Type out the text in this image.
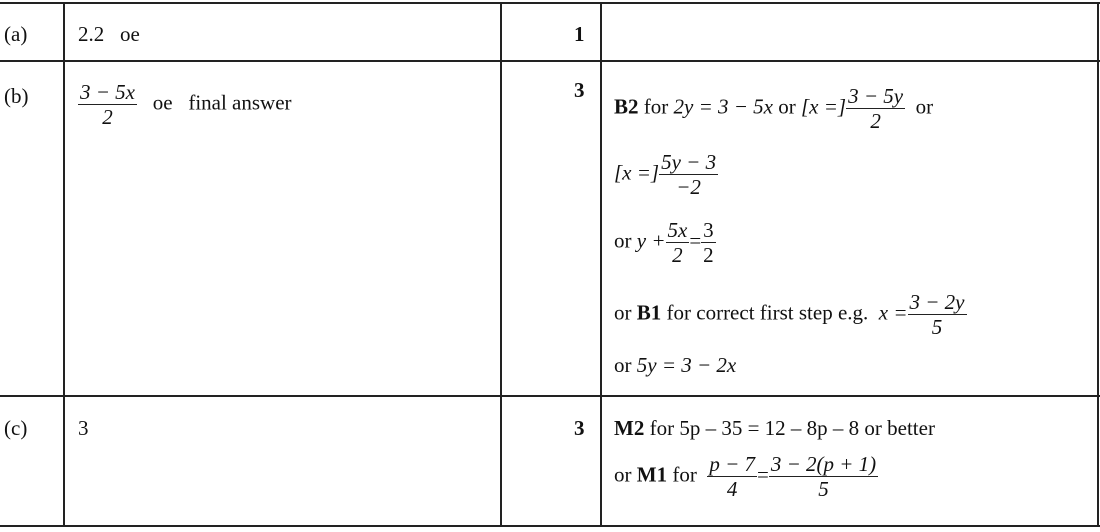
(a) 2.2 oe	1
$(b) \frac{3 - 5x}{2}$ oe final answer
3
B2 for 2y = 3 − 5x or [x =] $\frac{3 - 5y}{2}$ or
[x =] $\frac{5y - 3}{-2}$
or $y + \frac{5x}{2} = \frac{3}{2}$
or B1 for correct first step e.g. $x = \frac{3 - 2y}{5}$
or 5y = 3 − 2x
(c) 3	3 M2 for 5p – 35 = 12 – 8p – 8 or better
or M1 for $\frac{p - 7}{4} = \frac{3 - 2(p + 1)}{5}$
